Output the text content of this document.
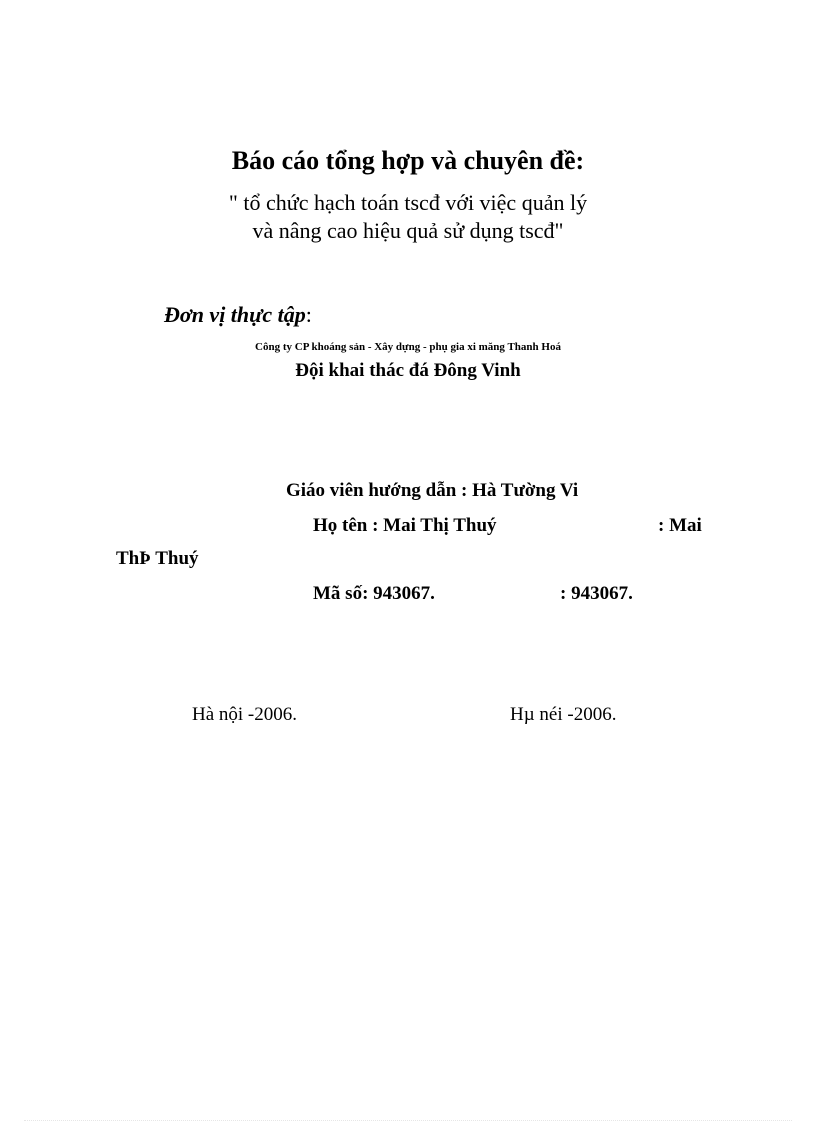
Báo cáo tổng hợp và chuyên đề:
" tổ chức hạch toán tscđ với việc quản lý
và nâng cao hiệu quả sử dụng tscđ"
Đơn vị thực tập:
Công ty CP khoáng sản - Xây dựng - phụ gia xi măng Thanh Hoá
Đội khai thác đá Đông Vinh
Giáo viên hướng dẫn : Hà Tường Vi
Họ tên : Mai Thị Thuý	: Mai
ThÞ Thuý
Mã số: 943067.	: 943067.
Hà nội -2006.	Hµ néi -2006.
